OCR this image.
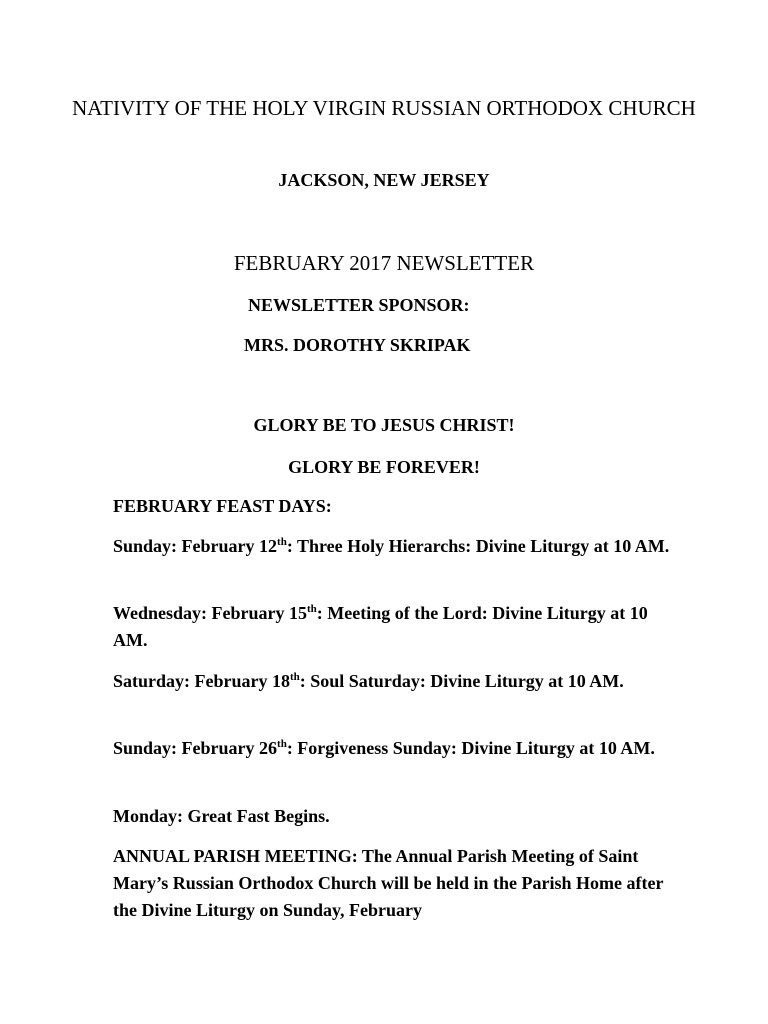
NATIVITY OF THE HOLY VIRGIN RUSSIAN ORTHODOX CHURCH

JACKSON, NEW JERSEY

FEBRUARY 2017 NEWSLETTER

NEWSLETTER SPONSOR:

MRS. DOROTHY SKRIPAK

GLORY BE TO JESUS CHRIST!

GLORY BE FOREVER!

FEBRUARY FEAST DAYS:

Sunday: February 12th: Three Holy Hierarchs: Divine Liturgy at 10 AM.

Wednesday: February 15th: Meeting of the Lord: Divine Liturgy at 10 AM.

Saturday: February 18th: Soul Saturday: Divine Liturgy at 10 AM.

Sunday: February 26th: Forgiveness Sunday: Divine Liturgy at 10 AM.

Monday: Great Fast Begins.

ANNUAL PARISH MEETING: The Annual Parish Meeting of Saint Mary’s Russian Orthodox Church will be held in the Parish Home after the Divine Liturgy on Sunday, February
